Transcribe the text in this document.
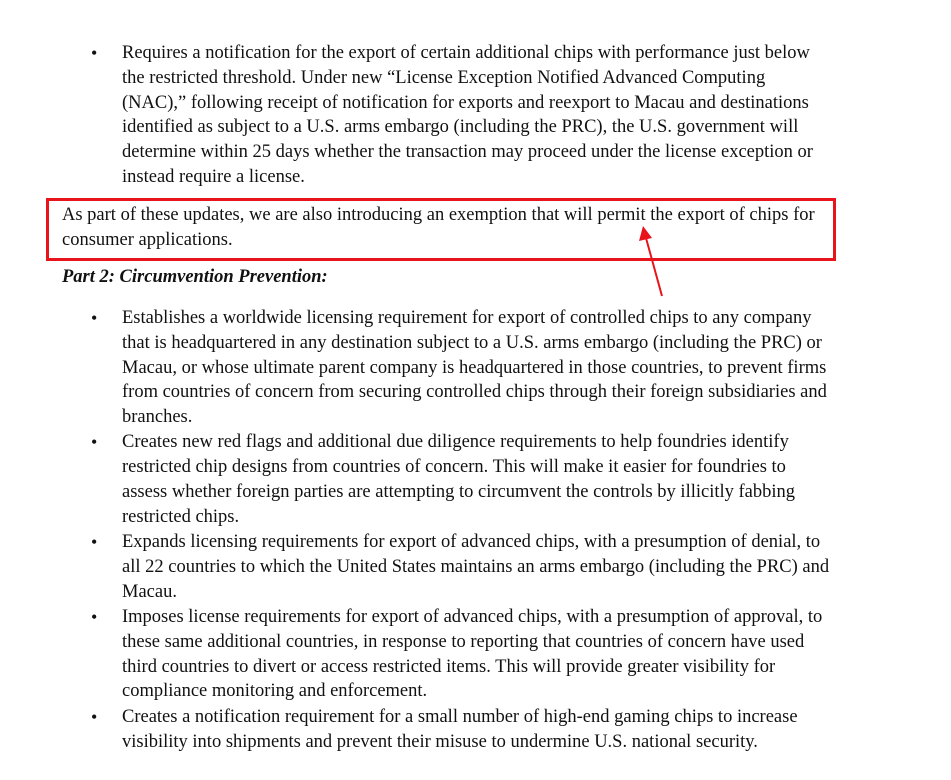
• Requires a notification for the export of certain additional chips with performance just below the restricted threshold. Under new “License Exception Notified Advanced Computing (NAC),” following receipt of notification for exports and reexport to Macau and destinations identified as subject to a U.S. arms embargo (including the PRC), the U.S. government will determine within 25 days whether the transaction may proceed under the license exception or instead require a license.
As part of these updates, we are also introducing an exemption that will permit the export of chips for consumer applications.
Part 2: Circumvention Prevention:
• Establishes a worldwide licensing requirement for export of controlled chips to any company that is headquartered in any destination subject to a U.S. arms embargo (including the PRC) or Macau, or whose ultimate parent company is headquartered in those countries, to prevent firms from countries of concern from securing controlled chips through their foreign subsidiaries and branches.
• Creates new red flags and additional due diligence requirements to help foundries identify restricted chip designs from countries of concern. This will make it easier for foundries to assess whether foreign parties are attempting to circumvent the controls by illicitly fabbing restricted chips.
• Expands licensing requirements for export of advanced chips, with a presumption of denial, to all 22 countries to which the United States maintains an arms embargo (including the PRC) and Macau.
• Imposes license requirements for export of advanced chips, with a presumption of approval, to these same additional countries, in response to reporting that countries of concern have used third countries to divert or access restricted items. This will provide greater visibility for compliance monitoring and enforcement.
• Creates a notification requirement for a small number of high-end gaming chips to increase visibility into shipments and prevent their misuse to undermine U.S. national security.
